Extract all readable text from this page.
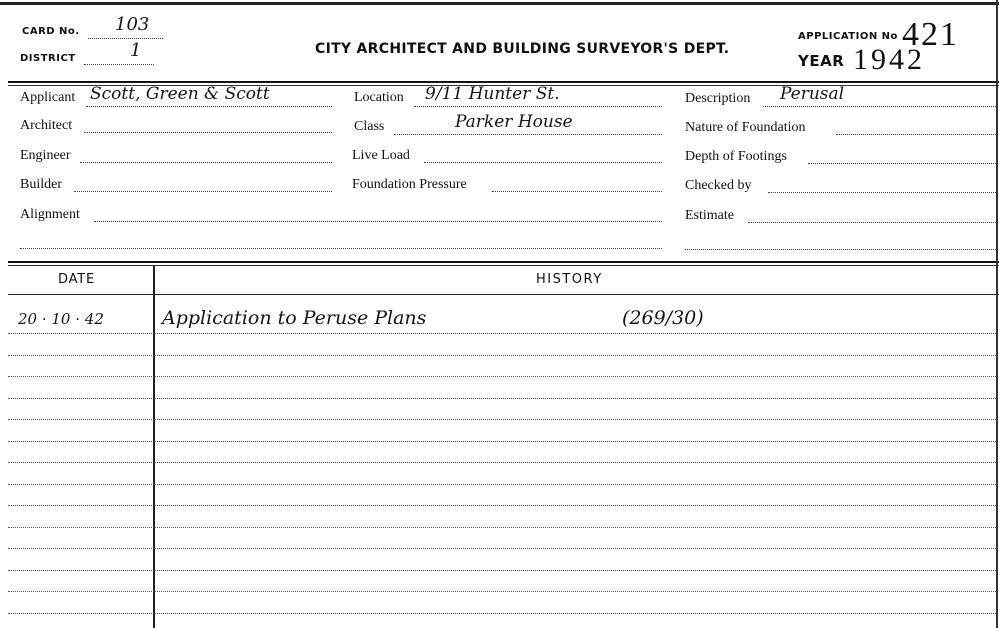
CARD No. 103
DISTRICT	1	CITY ARCHITECT AND BUILDING SURVEYOR'S DEPT.
APPLICATION No 421
YEAR 1942
Applicant Scott, Green & Scott
Architect
Engineer
Builder
Alignment
Location 9/11 Hunter St.
Class	Parker House
Live Load
Foundation Pressure
Description Perusal
Nature of Foundation
Depth of Footings
Checked by
Estimate
DATE	HISTORY
20 · 10 · 42	Application to Peruse Plans	(269/30)
